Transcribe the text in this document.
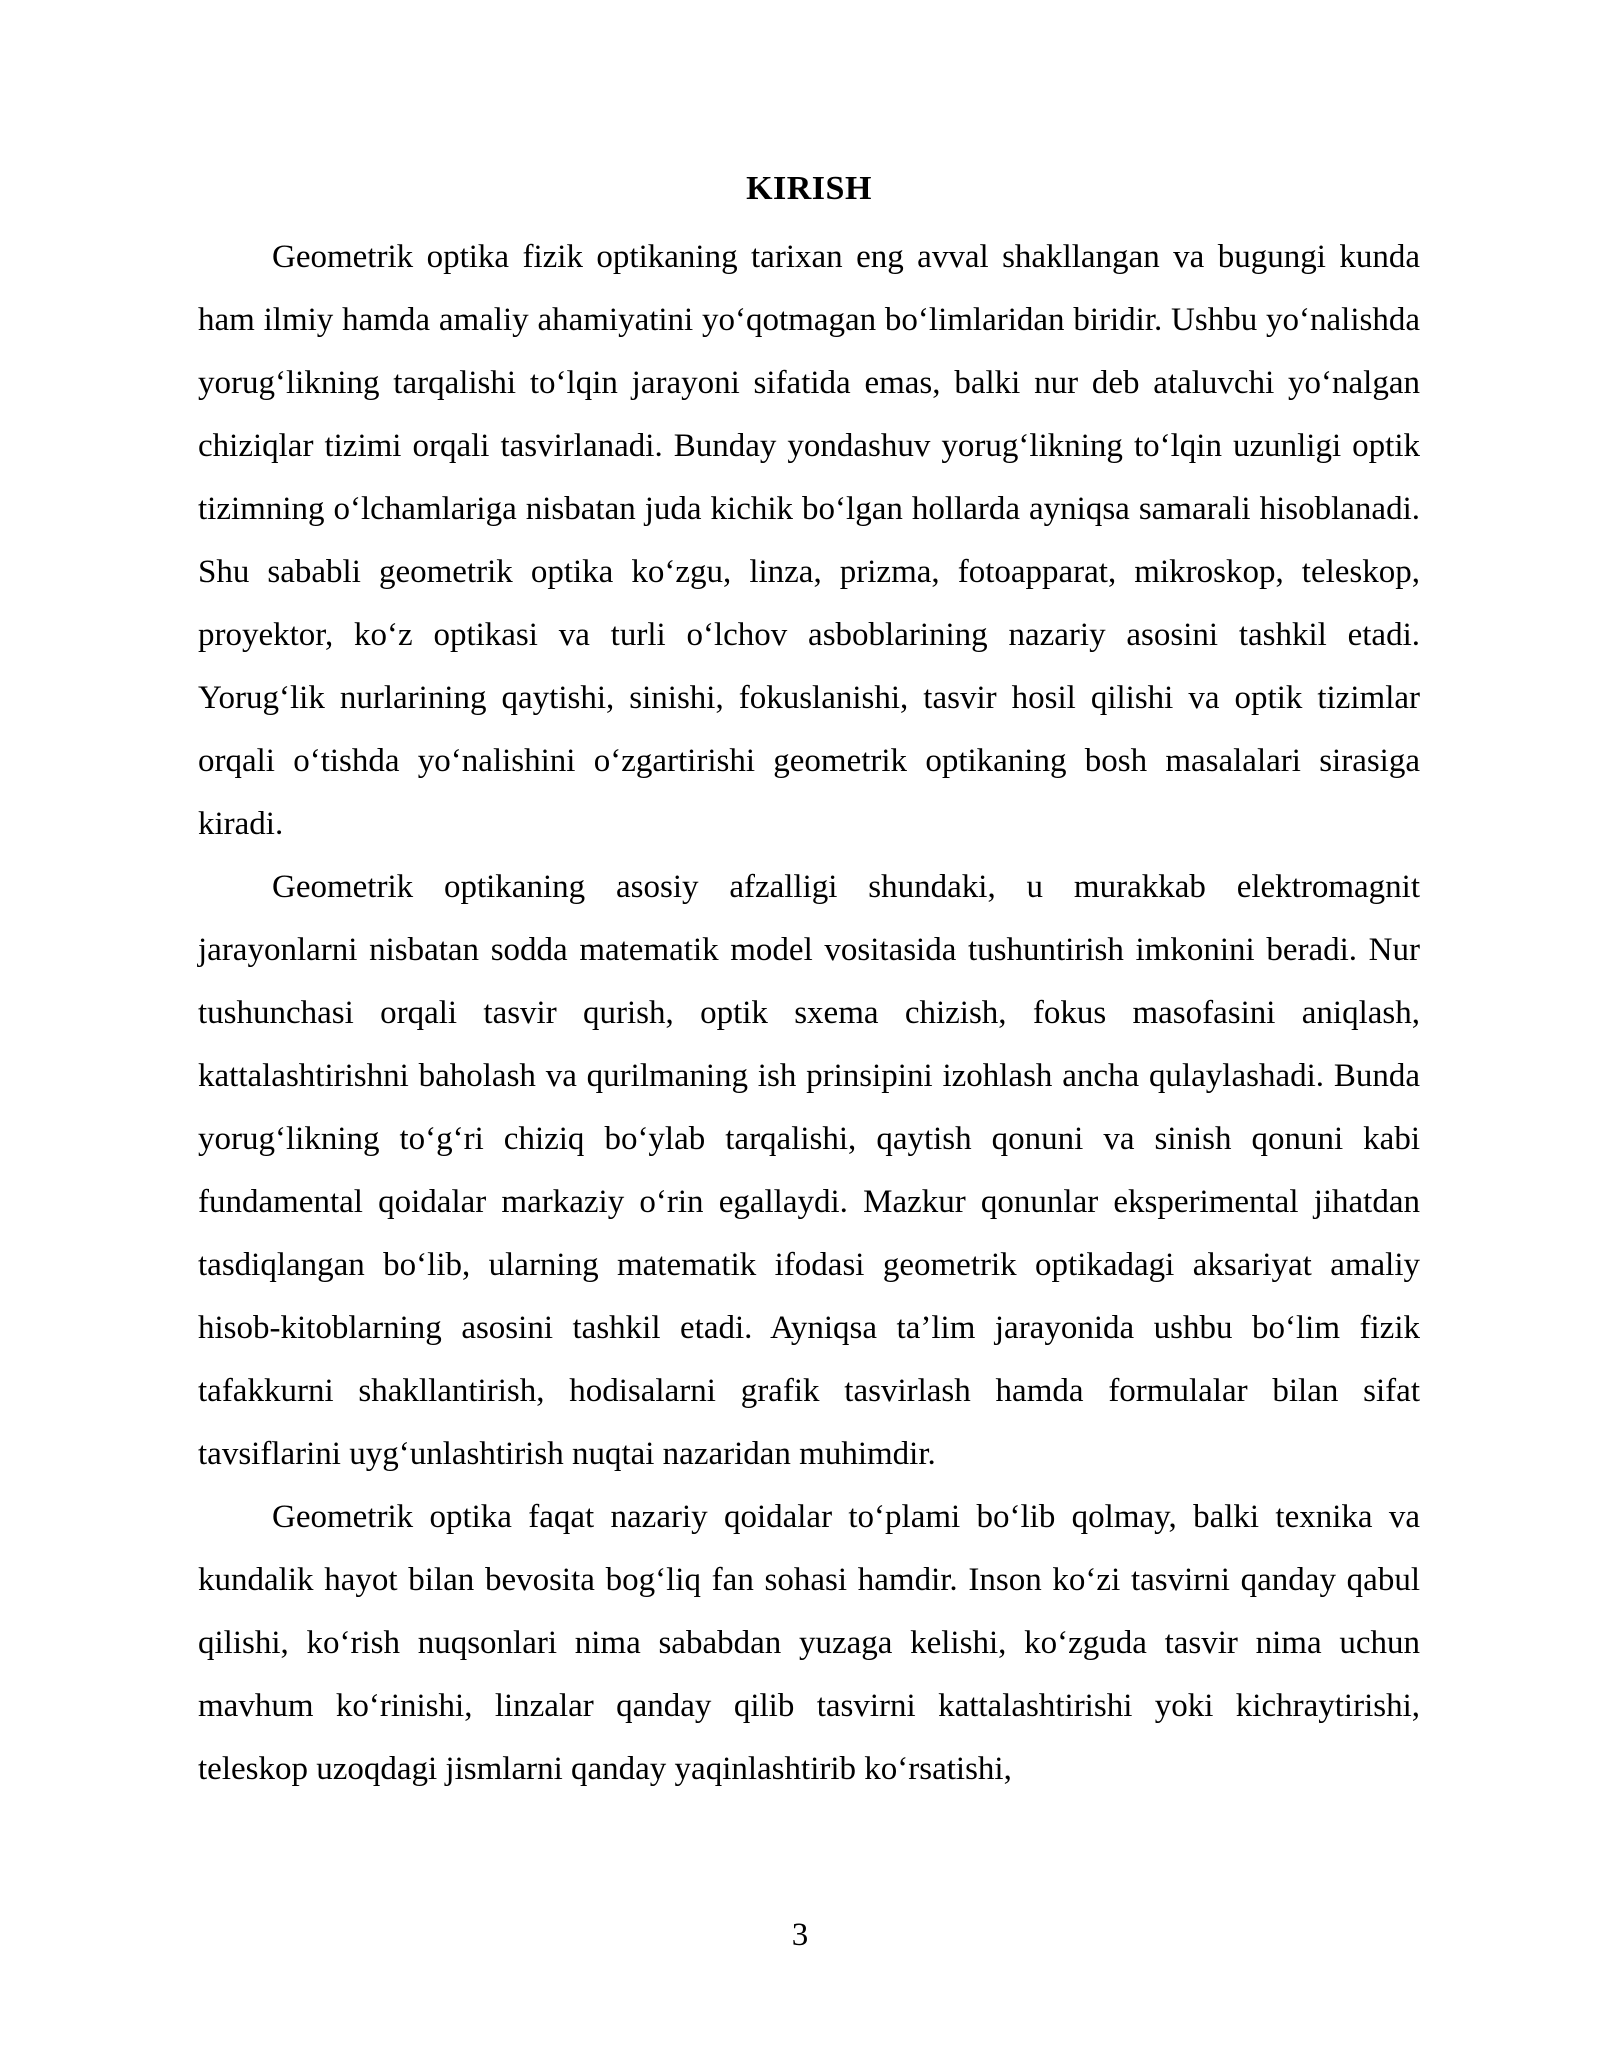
KIRISH

Geometrik optika fizik optikaning tarixan eng avval shakllangan va bugungi kunda ham ilmiy hamda amaliy ahamiyatini yo‘qotmagan bo‘limlaridan biridir. Ushbu yo‘nalishda yorug‘likning tarqalishi to‘lqin jarayoni sifatida emas, balki nur deb ataluvchi yo‘nalgan chiziqlar tizimi orqali tasvirlanadi. Bunday yondashuv yorug‘likning to‘lqin uzunligi optik tizimning o‘lchamlariga nisbatan juda kichik bo‘lgan hollarda ayniqsa samarali hisoblanadi. Shu sababli geometrik optika ko‘zgu, linza, prizma, fotoapparat, mikroskop, teleskop, proyektor, ko‘z optikasi va turli o‘lchov asboblarining nazariy asosini tashkil etadi. Yorug‘lik nurlarining qaytishi, sinishi, fokuslanishi, tasvir hosil qilishi va optik tizimlar orqali o‘tishda yo‘nalishini o‘zgartirishi geometrik optikaning bosh masalalari sirasiga kiradi.

Geometrik optikaning asosiy afzalligi shundaki, u murakkab elektromagnit jarayonlarni nisbatan sodda matematik model vositasida tushuntirish imkonini beradi. Nur tushunchasi orqali tasvir qurish, optik sxema chizish, fokus masofasini aniqlash, kattalashtirishni baholash va qurilmaning ish prinsipini izohlash ancha qulaylashadi. Bunda yorug‘likning to‘g‘ri chiziq bo‘ylab tarqalishi, qaytish qonuni va sinish qonuni kabi fundamental qoidalar markaziy o‘rin egallaydi. Mazkur qonunlar eksperimental jihatdan tasdiqlangan bo‘lib, ularning matematik ifodasi geometrik optikadagi aksariyat amaliy hisob-kitoblarning asosini tashkil etadi. Ayniqsa ta’lim jarayonida ushbu bo‘lim fizik tafakkurni shakllantirish, hodisalarni grafik tasvirlash hamda formulalar bilan sifat tavsiflarini uyg‘unlashtirish nuqtai nazaridan muhimdir.

Geometrik optika faqat nazariy qoidalar to‘plami bo‘lib qolmay, balki texnika va kundalik hayot bilan bevosita bog‘liq fan sohasi hamdir. Inson ko‘zi tasvirni qanday qabul qilishi, ko‘rish nuqsonlari nima sababdan yuzaga kelishi, ko‘zguda tasvir nima uchun mavhum ko‘rinishi, linzalar qanday qilib tasvirni kattalashtirishi yoki kichraytirishi, teleskop uzoqdagi jismlarni qanday yaqinlashtirib ko‘rsatishi,

3
